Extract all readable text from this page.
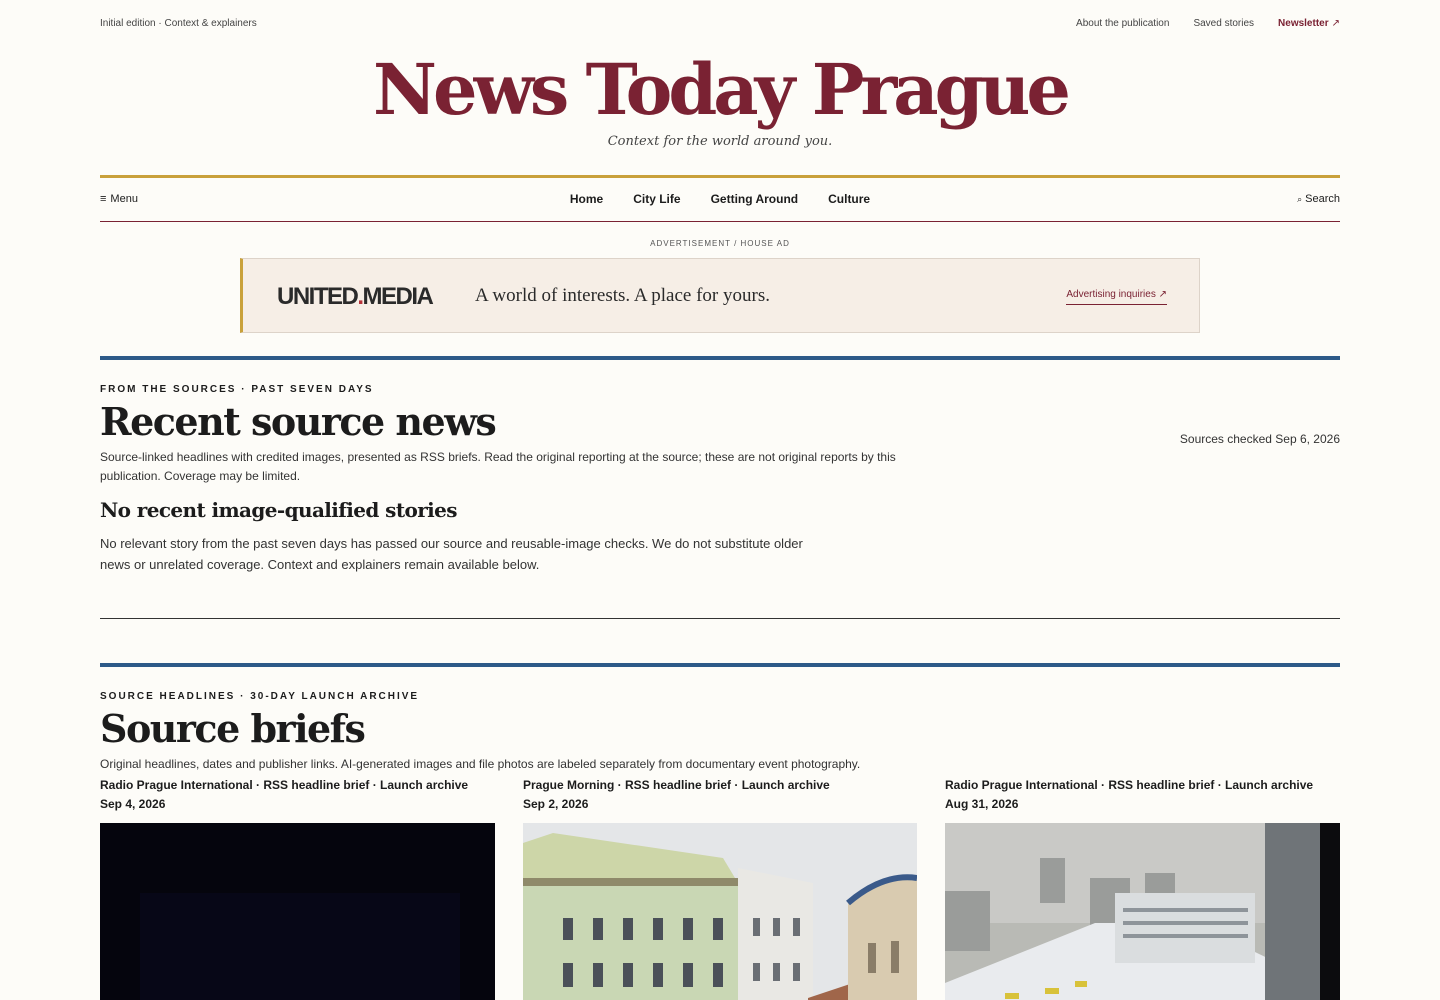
Initial edition · Context & explainers	About the publication Saved stories Newsletter ↗
News Today Prague
Context for the world around you.
≡ Menu	Home	City Life	Getting Around	Culture	⌕ Search
ADVERTISEMENT / HOUSE AD
UNITED.MEDIA A world of interests. A place for yours.	Advertising inquiries ↗
FROM THE SOURCES · PAST SEVEN DAYS
Recent source news	Sources checked Sep 6, 2026
Source-linked headlines with credited images, presented as RSS briefs. Read the original reporting at the source; these are not original reports by this publication. Coverage may be limited.
No recent image-qualified stories
No relevant story from the past seven days has passed our source and reusable-image checks. We do not substitute older news or unrelated coverage. Context and explainers remain available below.
SOURCE HEADLINES · 30-DAY LAUNCH ARCHIVE
Source briefs
Original headlines, dates and publisher links. AI-generated images and file photos are labeled separately from documentary event photography.
Radio Prague International · RSS headline brief · Launch archive
Sep 4, 2026
Prague Morning · RSS headline brief · Launch archive
Sep 2, 2026
Radio Prague International · RSS headline brief · Launch archive
Aug 31, 2026
